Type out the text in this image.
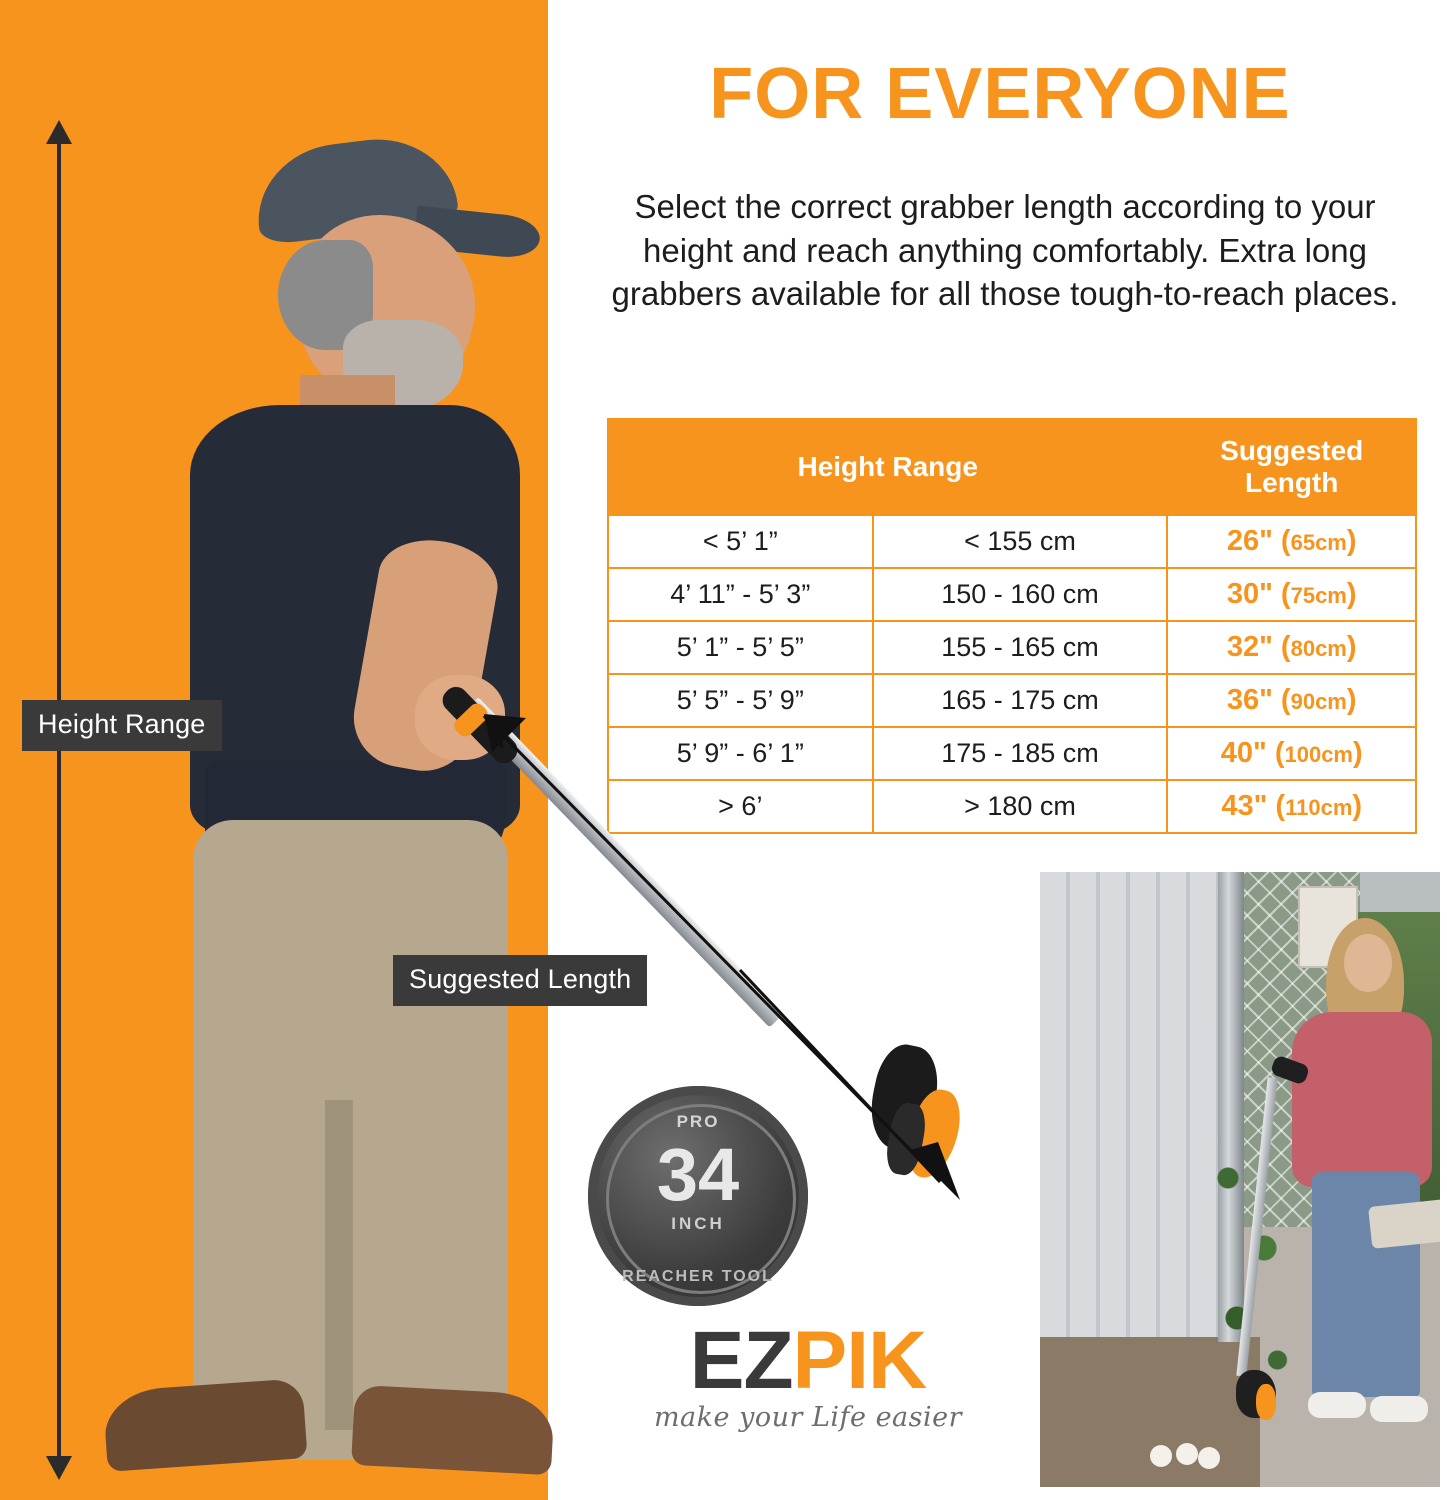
Height Range
Suggested Length
FOR EVERYONE
Select the correct grabber length according to your height and reach anything comfortably. Extra long grabbers available for all those tough-to-reach places.
Height Range		Suggested Length
< 5’ 1”	< 155 cm	26" (65cm)
4’ 11” - 5’ 3”	150 - 160 cm	30" (75cm)
5’ 1” - 5’ 5”	155 - 165 cm	32" (80cm)
5’ 5” - 5’ 9”	165 - 175 cm	36" (90cm)
5’ 9” - 6’ 1”	175 - 185 cm	40" (100cm)
> 6’	> 180 cm	43" (110cm)
PRO
34
INCH
REACHER TOOL
EZPIK
make your Life easier
